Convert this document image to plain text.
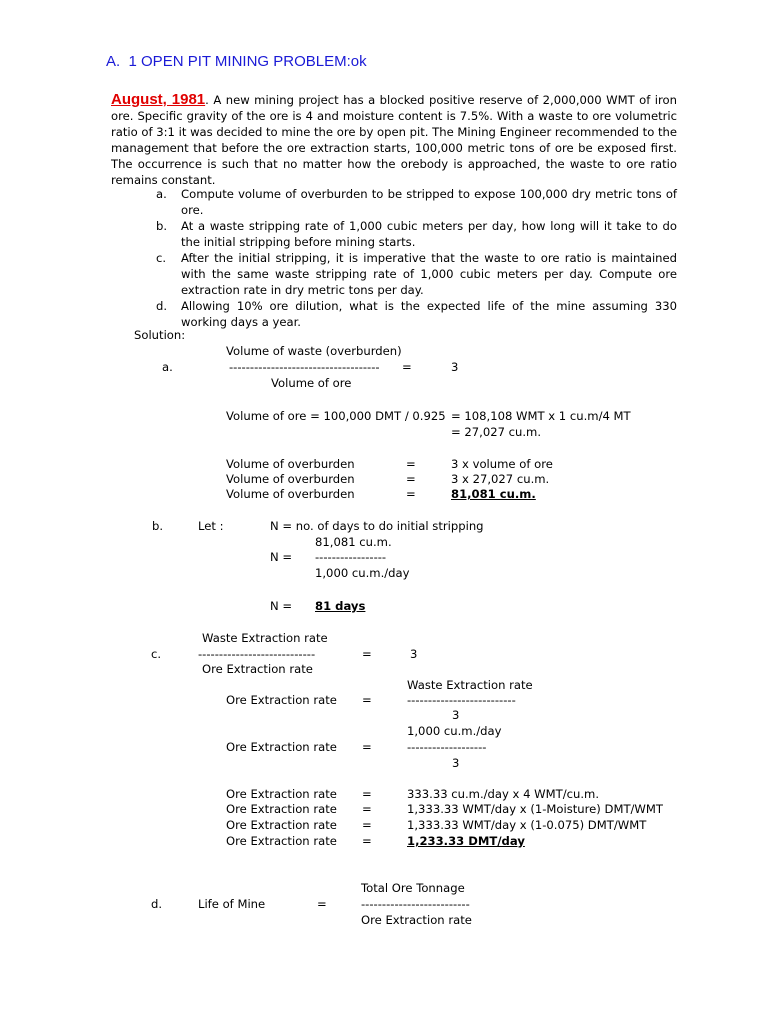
A.  1 OPEN PIT MINING PROBLEM:ok
August, 1981. A new mining project has a blocked positive reserve of 2,000,000 WMT of iron ore. Specific gravity of the ore is 4 and moisture content is 7.5%. With a waste to ore volumetric ratio of 3:1 it was decided to mine the ore by open pit. The Mining Engineer recommended to the management that before the ore extraction starts, 100,000 metric tons of ore be exposed first. The occurrence is such that no matter how the orebody is approached, the waste to ore ratio remains constant.
a.	Compute volume of overburden to be stripped to expose 100,000 dry metric tons of ore.
b.	At a waste stripping rate of 1,000 cubic meters per day, how long will it take to do the initial stripping before mining starts.
c.	After the initial stripping, it is imperative that the waste to ore ratio is maintained with the same waste stripping rate of 1,000 cubic meters per day. Compute ore extraction rate in dry metric tons per day.
d.	Allowing 10% ore dilution, what is the expected life of the mine assuming 330 working days a year.
Solution:
Volume of waste (overburden)
a.	------------------------------------ =	3
Volume of ore
Volume of ore = 100,000 DMT / 0.925 = 108,108 WMT x 1 cu.m/4 MT
= 27,027 cu.m.
Volume of overburden	=	3 x volume of ore
Volume of overburden	=	3 x 27,027 cu.m.
Volume of overburden	=	81,081 cu.m.
b.	Let :	N = no. of days to do initial stripping
81,081 cu.m.
N = -----------------
1,000 cu.m./day
N = 81 days
Waste Extraction rate
c.	----------------------------	=	3
Ore Extraction rate
Waste Extraction rate
Ore Extraction rate =	--------------------------
3
1,000 cu.m./day
Ore Extraction rate =	-------------------
3
Ore Extraction rate =	333.33 cu.m./day x 4 WMT/cu.m.
Ore Extraction rate =	1,333.33 WMT/day x (1-Moisture) DMT/WMT
Ore Extraction rate =	1,333.33 WMT/day x (1-0.075) DMT/WMT
Ore Extraction rate =	1,233.33 DMT/day
Total Ore Tonnage
d.	Life of Mine	=	--------------------------
Ore Extraction rate
